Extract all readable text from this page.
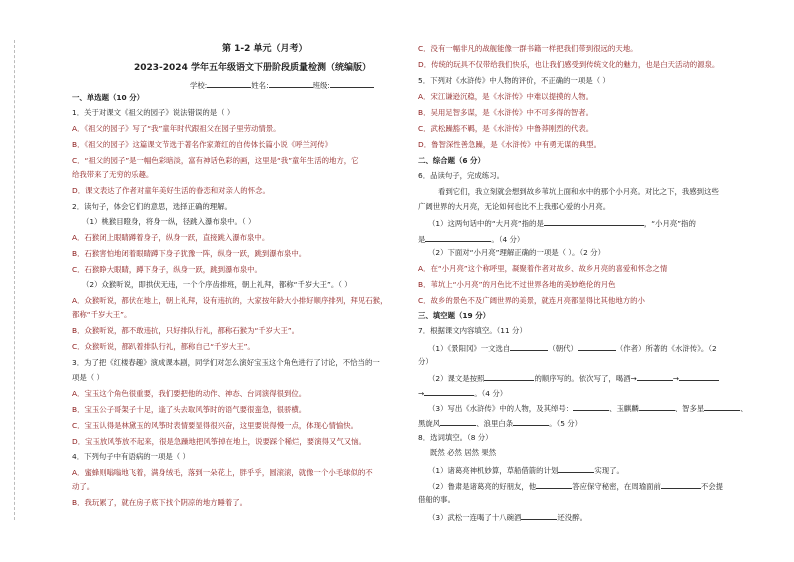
第 1-2 单元（月考）
2023-2024 学年五年级语文下册阶段质量检测（统编版）
学校:	姓名:	班级:
一、单选题（10 分）
1．关于对课文《祖父的园子》说法错误的是（ ）
A．《祖父的园子》写了“我”童年时代跟祖父在园子里劳动情景。
B．《祖父的园子》这篇课文节选于著名作家萧红的自传体长篇小说《呼兰河传》
C．“祖父的园子”是一幅色彩暗淡，富有神话色彩的画，这里是“我”童年生活的地方，它
给我带来了无穷的乐趣。
D．课文表达了作者对童年美好生活的眷恋和对亲人的怀念。
2．读句子，体会它们的意思，选择正确的理解。
（1）桃猴目瞪身，将身一纵，径跳入瀑布泉中。（ ）
A．石猴闭上眼睛蹲着身子，纵身一跃，直接跳入瀑布泉中。
B．石猴害怕地闭着眼睛蹲下身子犹豫一阵，纵身一跃，跳到瀑布泉中。
C．石猴睁大眼睛，蹲下身子，纵身一跃，跳到瀑布泉中。
（2）众猴听说，即拱伏无违，一个个序齿排班，朝上礼拜，都称“千岁大王”。（ ）
A．众猴听说，都伏在地上，朝上礼拜，设有违抗的，大家按年龄大小排好顺序排列，拜见石猴，
都称“千岁大王”。
B．众猴听说，都不敢违抗，只好排队行礼，都称石猴为“千岁大王”。
C．众猴听说，都趴着排队行礼，都称自己“千岁大王”。
3．为了把《红楼春趣》演成课本剧，同学们对怎么演好宝玉这个角色进行了讨论，不恰当的一
项是（ ）
A．宝玉这个角色很重要，我们要把他的动作、神态、台词演得很到位。
B．宝玉公子哥架子十足，逢了头去取风筝时的语气要很蛮急，很骄横。
C．宝玉认得是林黛玉的风筝时表情要显得很兴奋，这里要说得慢一点，体现心情愉快。
D．宝玉放风筝放不起来，很是急躁地把风筝掉在地上，说要踩个稀烂，要演得又气又恼。
4．下列句子中有语病的一项是（ ）
A．蜜蜂则嗡嗡地飞着，满身绒毛，落到一朵花上，胖乎乎，圆滚滚，就像一个小毛球似的不
动了。
B．我玩累了，就在房子底下找个阴凉的地方睡着了。
C．没有一幅非凡的战舰能像一群书籍一样把我们带到很远的天地。
D．传统的玩具不仅带给我们快乐，也让我们感受到传统文化的魅力，也是白天活动的源泉。
5．下列对《水浒传》中人物的评价，不正确的一项是（ ）
A．宋江谦逊沉稳，是《水浒传》中难以提摸的人物。
B．吴用足智多谋，是《水浒传》中不可多得的智者。
C．武松躁豁不羁，是《水浒传》中鲁莽刚烈的代表。
D．鲁智深性善急躁，是《水浒传》中有勇无谋的典型。
二、综合题（6 分）
6．品读句子，完成练习。
看到它们，我立刻就会想到故乡苇坑上面和水中的那个小月亮。对比之下，我感到这些
广阔世界的大月亮，无论如何也比不上我那心爱的小月亮。
（1）这两句话中的“大月亮”指的是	，“小月亮”指的
是	。（4 分）
（2）下面对“小月亮”理解正确的一项是（ ）。（2 分）
A．在“小月亮”这个称呼里，凝聚着作者对故乡、故乡月亮的喜爱和怀念之情
B．苇坑上“小月亮”的月色比不过世界各地的美妙绝伦的月色
C．故乡的景色不及广阔世界的美景，就连月亮都显得比其他地方的小
三、填空题（19 分）
7．根据课文内容填空。（11 分）
（1）《景阳冈》一文选自	（朝代）	（作者）所著的《水浒传》。（2
分）
（2）课文是按照	的顺序写的。依次写了，喝酒→	→
→	。（4 分）
（3）写出《水浒传》中的人物，及其绰号：	、玉麒麟	、智多星	、
黑旋风	、浪里白条	。（5 分）
8．选词填空。（8 分）
既然 必然 居然 果然
（1）诸葛亮神机妙算，草船借箭的计划	实现了。
（2）鲁肃是诸葛亮的好朋友，他	答应保守秘密，在周瑜面前	不会提
借船的事。
（3）武松一连喝了十八碗酒	还没醉。
